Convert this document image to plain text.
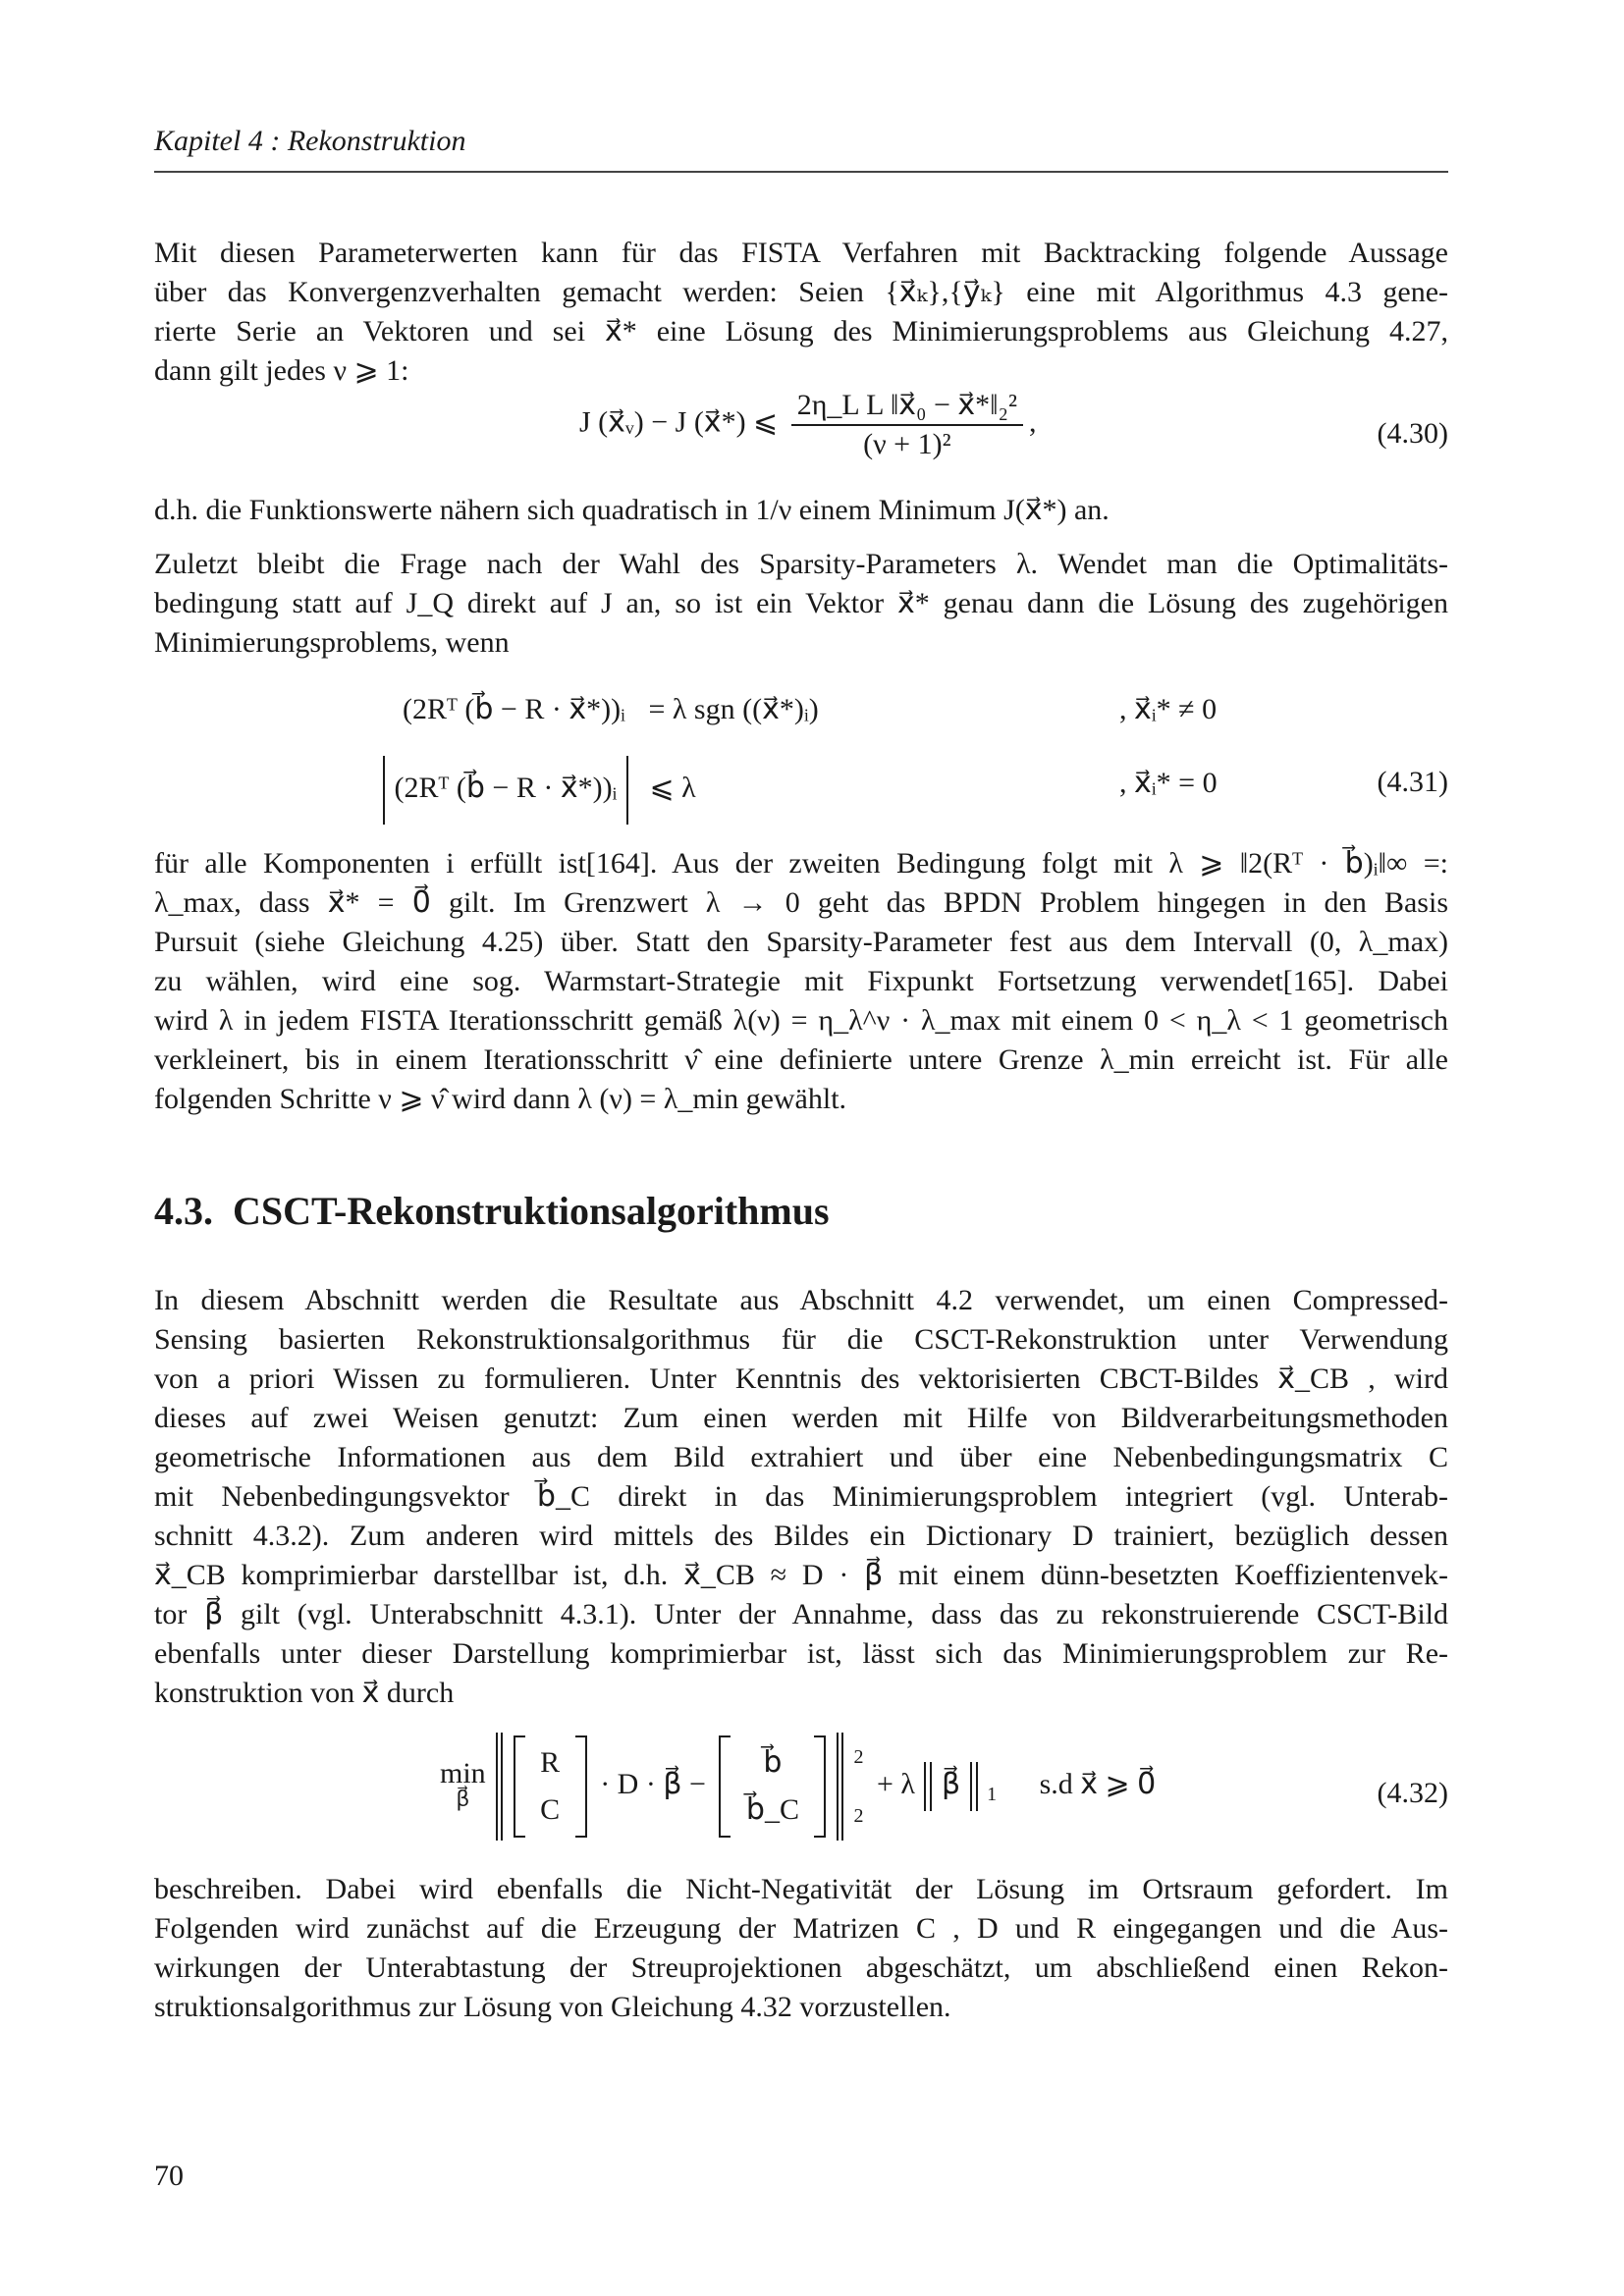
Kapitel 4 : Rekonstruktion
Mit diesen Parameterwerten kann für das FISTA Verfahren mit Backtracking folgende Aussage
über das Konvergenzverhalten gemacht werden: Seien {x⃗ₖ},{y⃗ₖ} eine mit Algorithmus 4.3 gene-
rierte Serie an Vektoren und sei x⃗* eine Lösung des Minimierungsproblems aus Gleichung 4.27,
dann gilt jedes ν ⩾ 1:
J (x⃗ᵥ) − J (x⃗*) ⩽ $\frac{\text{2η\_L L ‖x⃗₀ − x⃗*‖₂²}}{\text{(ν + 1)²}}$ ,	(4.30)
d.h. die Funktionswerte nähern sich quadratisch in 1/ν einem Minimum J(x⃗*) an.
Zuletzt bleibt die Frage nach der Wahl des Sparsity-Parameters λ. Wendet man die Optimalitäts-
bedingung statt auf J_Q direkt auf J an, so ist ein Vektor x⃗* genau dann die Lösung des zugehörigen
Minimierungsproblems, wenn
(2Rᵀ (b⃗ − R · x⃗*))ᵢ = λ sgn ((x⃗*)ᵢ)	, x⃗ᵢ* ≠ 0
(2Rᵀ (b⃗ − R · x⃗*))ᵢ ⩽ λ	, x⃗ᵢ* = 0	(4.31)
für alle Komponenten i erfüllt ist[164]. Aus der zweiten Bedingung folgt mit λ ⩾ ‖2(Rᵀ · b⃗)ᵢ‖∞ =:
λ_max, dass x⃗* = 0⃗ gilt. Im Grenzwert λ → 0 geht das BPDN Problem hingegen in den Basis
Pursuit (siehe Gleichung 4.25) über. Statt den Sparsity-Parameter fest aus dem Intervall (0, λ_max)
zu wählen, wird eine sog. Warmstart-Strategie mit Fixpunkt Fortsetzung verwendet[165]. Dabei
wird λ in jedem FISTA Iterationsschritt gemäß λ(ν) = η_λ^ν · λ_max mit einem 0 < η_λ < 1 geometrisch
verkleinert, bis in einem Iterationsschritt ν̂ eine definierte untere Grenze λ_min erreicht ist. Für alle
folgenden Schritte ν ⩾ ν̂ wird dann λ (ν) = λ_min gewählt.
4.3. CSCT-Rekonstruktionsalgorithmus
In diesem Abschnitt werden die Resultate aus Abschnitt 4.2 verwendet, um einen Compressed-
Sensing basierten Rekonstruktionsalgorithmus für die CSCT-Rekonstruktion unter Verwendung
von a priori Wissen zu formulieren. Unter Kenntnis des vektorisierten CBCT-Bildes x⃗_CB , wird
dieses auf zwei Weisen genutzt: Zum einen werden mit Hilfe von Bildverarbeitungsmethoden
geometrische Informationen aus dem Bild extrahiert und über eine Nebenbedingungsmatrix C
mit Nebenbedingungsvektor b⃗_C direkt in das Minimierungsproblem integriert (vgl. Unterab-
schnitt 4.3.2). Zum anderen wird mittels des Bildes ein Dictionary D trainiert, bezüglich dessen
x⃗_CB komprimierbar darstellbar ist, d.h. x⃗_CB ≈ D · β⃗ mit einem dünn-besetzten Koeffizientenvek-
tor β⃗ gilt (vgl. Unterabschnitt 4.3.1). Unter der Annahme, dass das zu rekonstruierende CSCT-Bild
ebenfalls unter dieser Darstellung komprimierbar ist, lässt sich das Minimierungsproblem zur Re-
konstruktion von x⃗ durch
min
β⃗

R
C
· D · β⃗ −
b⃗
b⃗_C

2
2
+ λ β⃗ $_1$ s.d x⃗ ⩾ 0⃗	(4.32)
beschreiben. Dabei wird ebenfalls die Nicht-Negativität der Lösung im Ortsraum gefordert. Im
Folgenden wird zunächst auf die Erzeugung der Matrizen C , D und R eingegangen und die Aus-
wirkungen der Unterabtastung der Streuprojektionen abgeschätzt, um abschließend einen Rekon-
struktionsalgorithmus zur Lösung von Gleichung 4.32 vorzustellen.
70
